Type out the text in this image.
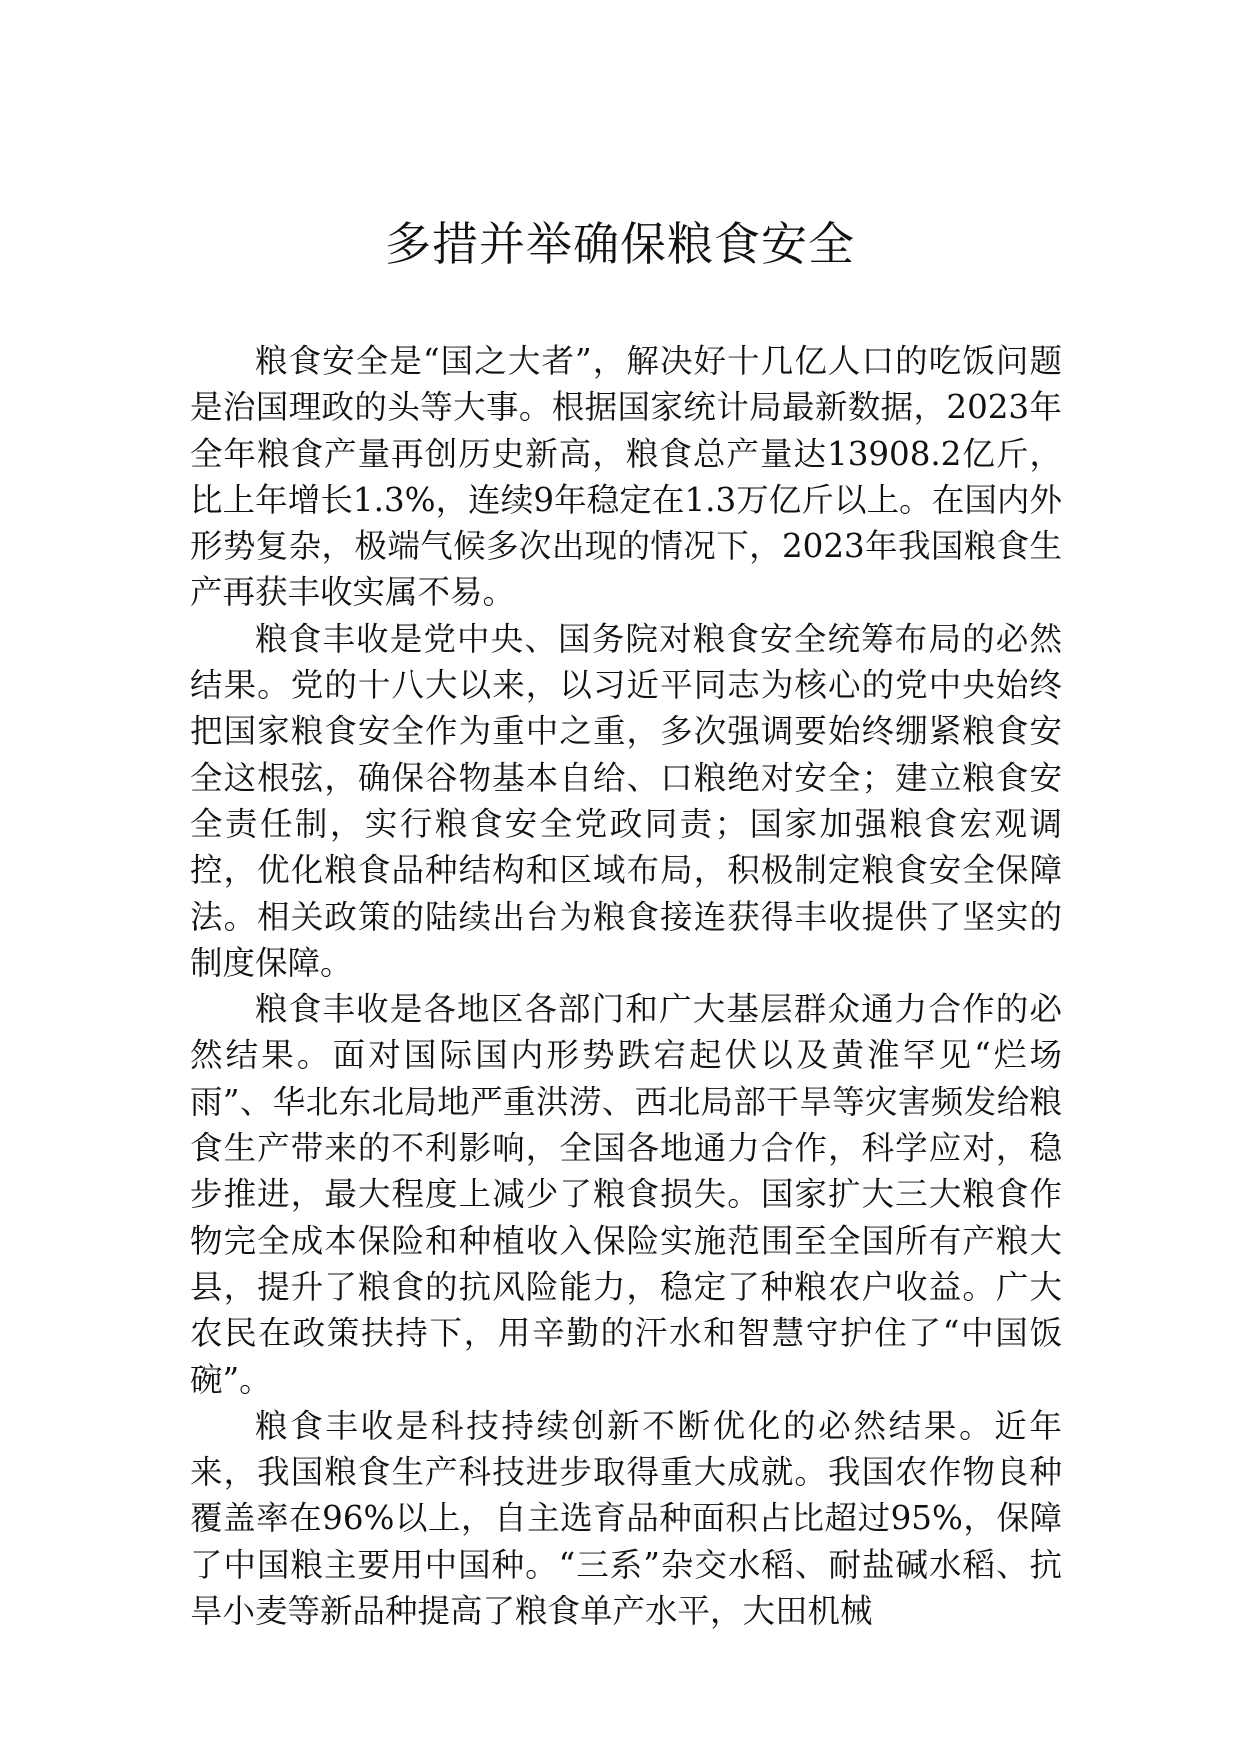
多措并举确保粮食安全

粮食安全是“国之大者”，解决好十几亿人口的吃饭问题是治国理政的头等大事。根据国家统计局最新数据，2023年全年粮食产量再创历史新高，粮食总产量达13908.2亿斤，比上年增长1.3%，连续9年稳定在1.3万亿斤以上。在国内外形势复杂，极端气候多次出现的情况下，2023年我国粮食生产再获丰收实属不易。

粮食丰收是党中央、国务院对粮食安全统筹布局的必然结果。党的十八大以来，以习近平同志为核心的党中央始终把国家粮食安全作为重中之重，多次强调要始终绷紧粮食安全这根弦，确保谷物基本自给、口粮绝对安全；建立粮食安全责任制，实行粮食安全党政同责；国家加强粮食宏观调控，优化粮食品种结构和区域布局，积极制定粮食安全保障法。相关政策的陆续出台为粮食接连获得丰收提供了坚实的制度保障。

粮食丰收是各地区各部门和广大基层群众通力合作的必然结果。面对国际国内形势跌宕起伏以及黄淮罕见“烂场雨”、华北东北局地严重洪涝、西北局部干旱等灾害频发给粮食生产带来的不利影响，全国各地通力合作，科学应对，稳步推进，最大程度上减少了粮食损失。国家扩大三大粮食作物完全成本保险和种植收入保险实施范围至全国所有产粮大县，提升了粮食的抗风险能力，稳定了种粮农户收益。广大农民在政策扶持下，用辛勤的汗水和智慧守护住了“中国饭碗”。

粮食丰收是科技持续创新不断优化的必然结果。近年来，我国粮食生产科技进步取得重大成就。我国农作物良种覆盖率在96%以上，自主选育品种面积占比超过95%，保障了中国粮主要用中国种。“三系”杂交水稻、耐盐碱水稻、抗旱小麦等新品种提高了粮食单产水平，大田机械
